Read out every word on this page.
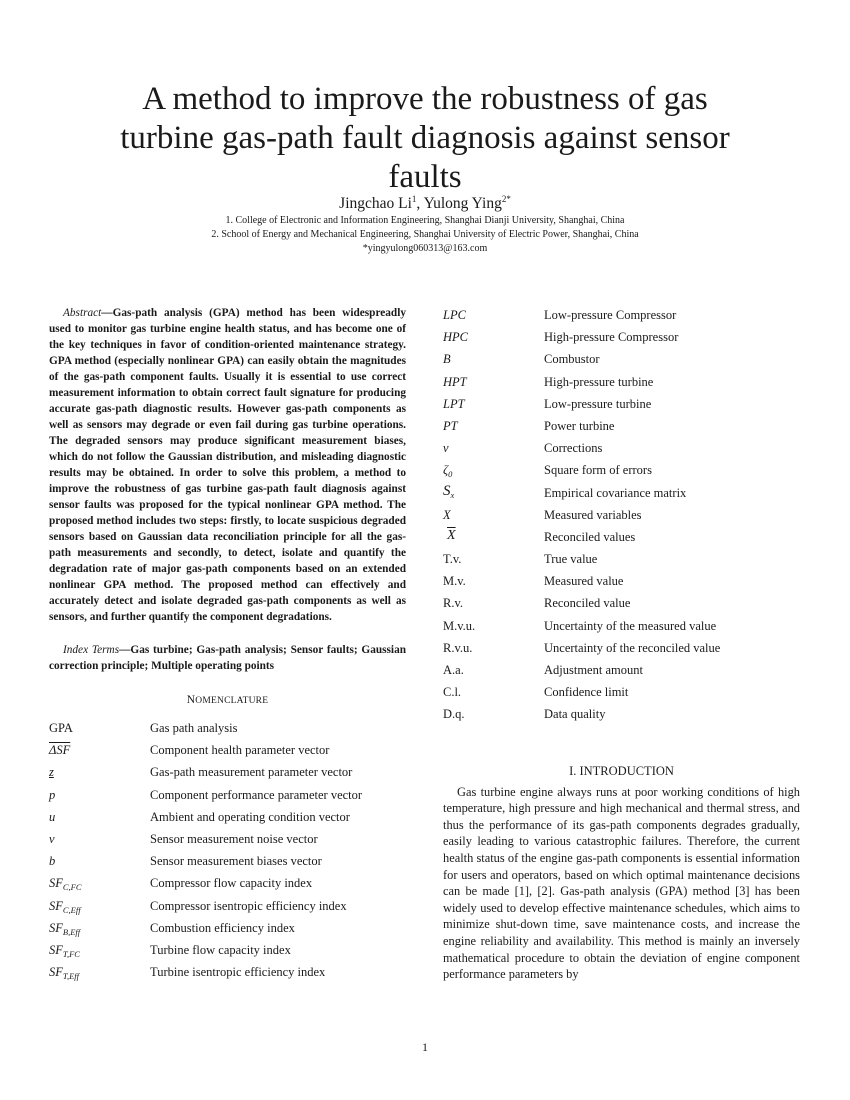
A method to improve the robustness of gas turbine gas-path fault diagnosis against sensor faults
Jingchao Li$^1$, Yulong Ying$^{2*}$
1. College of Electronic and Information Engineering, Shanghai Dianji University, Shanghai, China
2. School of Energy and Mechanical Engineering, Shanghai University of Electric Power, Shanghai, China
*yingyulong060313@163.com

Abstract—Gas-path analysis (GPA) method has been widespreadly used to monitor gas turbine engine health status, and has become one of the key techniques in favor of condition-oriented maintenance strategy. GPA method (especially nonlinear GPA) can easily obtain the magnitudes of the gas-path component faults. Usually it is essential to use correct measurement information to obtain correct fault signature for producing accurate gas-path diagnostic results. However gas-path components as well as sensors may degrade or even fail during gas turbine operations. The degraded sensors may produce significant measurement biases, which do not follow the Gaussian distribution, and misleading diagnostic results may be obtained. In order to solve this problem, a method to improve the robustness of gas turbine gas-path fault diagnosis against sensor faults was proposed for the typical nonlinear GPA method. The proposed method includes two steps: firstly, to locate suspicious degraded sensors based on Gaussian data reconciliation principle for all the gas-path measurements and secondly, to detect, isolate and quantify the degradation rate of major gas-path components based on an extended nonlinear GPA method. The proposed method can effectively and accurately detect and isolate degraded gas-path components as well as sensors, and further quantify the component degradations.

Index Terms—Gas turbine; Gas-path analysis; Sensor faults; Gaussian correction principle; Multiple operating points

NOMENCLATURE
GPA	Gas path analysis
$\overline{\Delta SF}$	Component health parameter vector
z	Gas-path measurement parameter vector
p	Component performance parameter vector
u	Ambient and operating condition vector
v	Sensor measurement noise vector
b	Sensor measurement biases vector
$SF_{C,FC}$	Compressor flow capacity index
$SF_{C,Eff}$	Compressor isentropic efficiency index
$SF_{B,Eff}$	Combustion efficiency index
$SF_{T,FC}$	Turbine flow capacity index
$SF_{T,Eff}$	Turbine isentropic efficiency index
LPC	Low-pressure Compressor
HPC	High-pressure Compressor
B	Combustor
HPT	High-pressure turbine
LPT	Low-pressure turbine
PT	Power turbine
ν	Corrections
$\zeta_0$	Square form of errors
$S_x$	Empirical covariance matrix
X	Measured variables
$\overline{X}$	Reconciled values
T.v.	True value
M.v.	Measured value
R.v.	Reconciled value
M.v.u.	Uncertainty of the measured value
R.v.u.	Uncertainty of the reconciled value
A.a.	Adjustment amount
C.l.	Confidence limit
D.q.	Data quality
I. INTRODUCTION

Gas turbine engine always runs at poor working conditions of high temperature, high pressure and high mechanical and thermal stress, and thus the performance of its gas-path components degrades gradually, easily leading to various catastrophic failures. Therefore, the current health status of the engine gas-path components is essential information for users and operators, based on which optimal maintenance decisions can be made [1], [2]. Gas-path analysis (GPA) method [3] has been widely used to develop effective maintenance schedules, which aims to minimize shut-down time, save maintenance costs, and increase the engine reliability and availability. This method is mainly an inversely mathematical procedure to obtain the deviation of engine component performance parameters by

1
